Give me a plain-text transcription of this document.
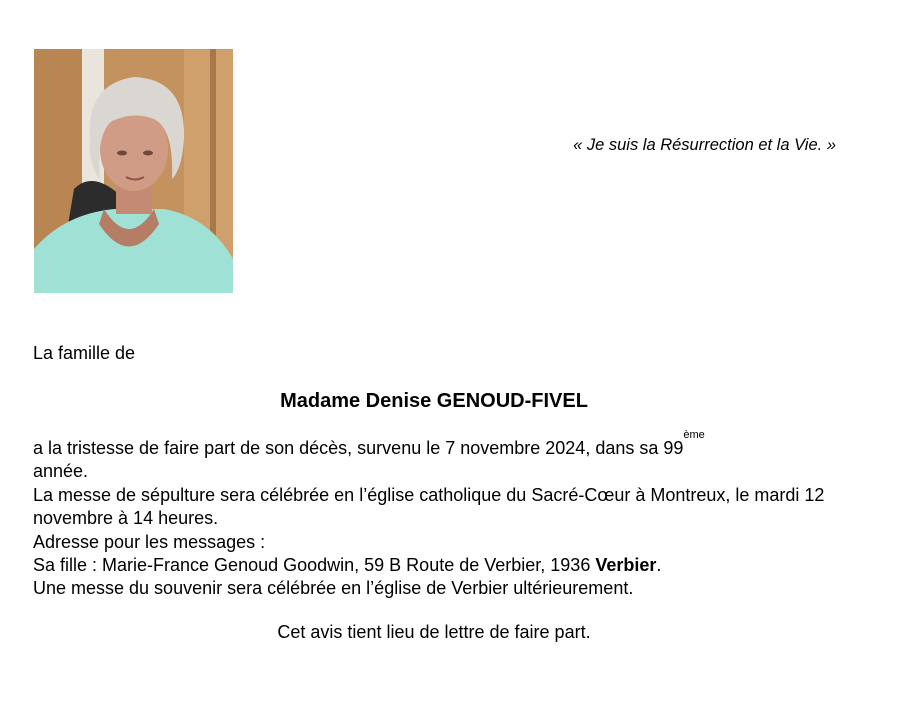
« Je suis la Résurrection et la Vie. »
La famille de
Madame Denise GENOUD-FIVEL

a la tristesse de faire part de son décès, survenu le 7 novembre 2024, dans sa 99ème
année.

La messe de sépulture sera célébrée en l’église catholique du Sacré-Cœur à Montreux, le mardi 12 novembre à 14 heures.

Adresse pour les messages :

Sa fille : Marie-France Genoud Goodwin, 59 B Route de Verbier, 1936 Verbier.

Une messe du souvenir sera célébrée en l’église de Verbier ultérieurement.

Cet avis tient lieu de lettre de faire part.
